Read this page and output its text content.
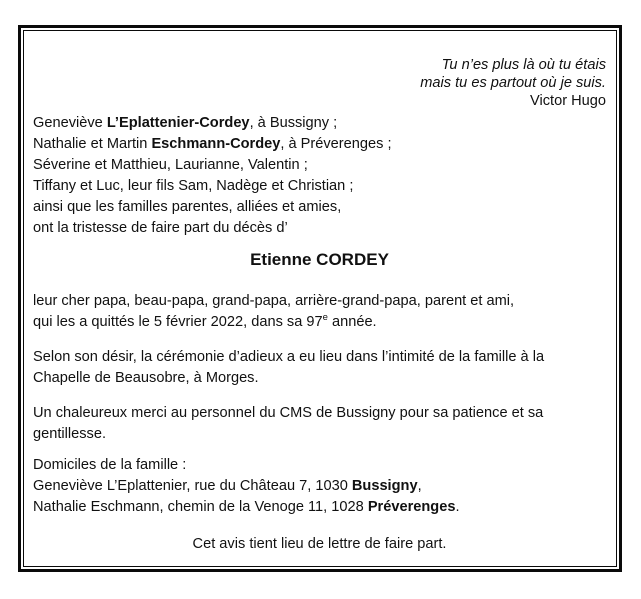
Tu n’es plus là où tu étais
mais tu es partout où je suis.
Victor Hugo
Geneviève L’Eplattenier-Cordey, à Bussigny ;
Nathalie et Martin Eschmann-Cordey, à Préverenges ;
Séverine et Matthieu, Laurianne, Valentin ;
Tiffany et Luc, leur fils Sam, Nadège et Christian ;
ainsi que les familles parentes, alliées et amies,
ont la tristesse de faire part du décès d’
Etienne CORDEY
leur cher papa, beau-papa, grand-papa, arrière-grand-papa, parent et ami,
qui les a quittés le 5 février 2022, dans sa 97e année.
Selon son désir, la cérémonie d’adieux a eu lieu dans l’intimité de la famille à la
Chapelle de Beausobre, à Morges.
Un chaleureux merci au personnel du CMS de Bussigny pour sa patience et sa
gentillesse.
Domiciles de la famille :
Geneviève L’Eplattenier, rue du Château 7, 1030 Bussigny,
Nathalie Eschmann, chemin de la Venoge 11, 1028 Préverenges.
Cet avis tient lieu de lettre de faire part.
